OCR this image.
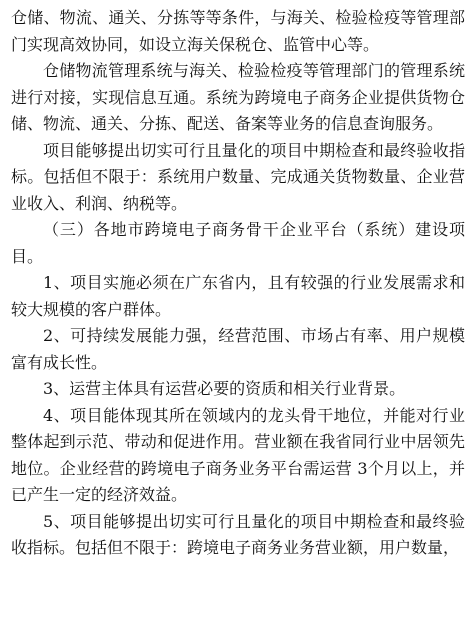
仓储、物流、通关、分拣等等条件，与海关、检验检疫等管理部门实现高效协同，如设立海关保税仓、监管中心等。

仓储物流管理系统与海关、检验检疫等管理部门的管理系统进行对接，实现信息互通。系统为跨境电子商务企业提供货物仓储、物流、通关、分拣、配送、备案等业务的信息查询服务。

项目能够提出切实可行且量化的项目中期检查和最终验收指标。包括但不限于：系统用户数量、完成通关货物数量、企业营业收入、利润、纳税等。

（三）各地市跨境电子商务骨干企业平台（系统）建设项目。

1、项目实施必须在广东省内，且有较强的行业发展需求和较大规模的客户群体。

2、可持续发展能力强，经营范围、市场占有率、用户规模富有成长性。

3、运营主体具有运营必要的资质和相关行业背景。

4、项目能体现其所在领域内的龙头骨干地位，并能对行业整体起到示范、带动和促进作用。营业额在我省同行业中居领先地位。企业经营的跨境电子商务业务平台需运营 3个月以上，并已产生一定的经济效益。

5、项目能够提出切实可行且量化的项目中期检查和最终验收指标。包括但不限于：跨境电子商务业务营业额，用户数量，
